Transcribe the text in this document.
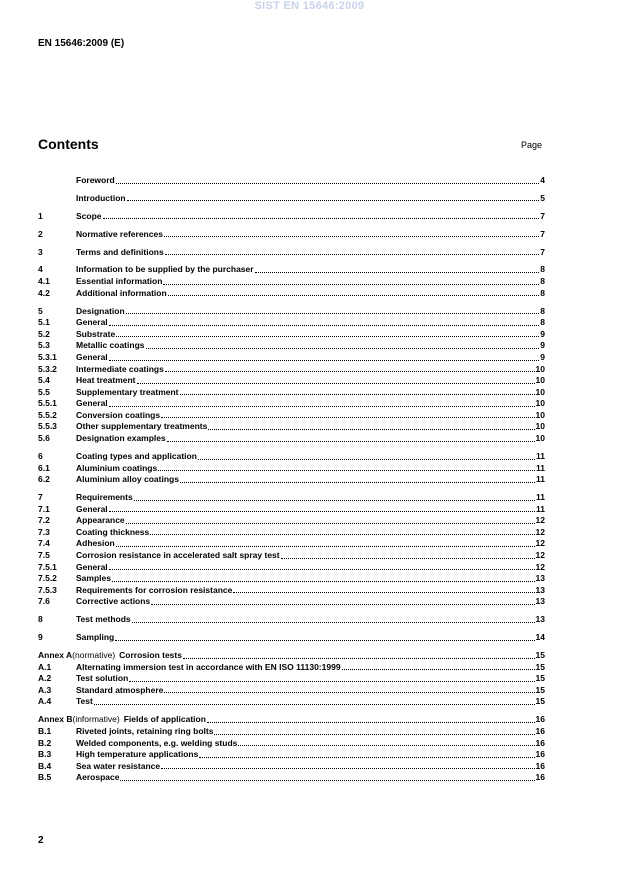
SIST EN 15646:2009
EN 15646:2009 (E)
Contents	Page
Foreword	4
Introduction	5
1	Scope	7
2	Normative references	7
3	Terms and definitions	7
4	Information to be supplied by the purchaser	8
4.1	Essential information	8
4.2	Additional information	8
5	Designation	8
5.1	General	8
5.2	Substrate	9
5.3	Metallic coatings	9
5.3.1	General	9
5.3.2	Intermediate coatings	10
5.4	Heat treatment	10
5.5	Supplementary treatment	10
5.5.1	General	10
5.5.2	Conversion coatings	10
5.5.3	Other supplementary treatments	10
5.6	Designation examples	10
6	Coating types and application	11
6.1	Aluminium coatings	11
6.2	Aluminium alloy coatings	11
7	Requirements	11
7.1	General	11
7.2	Appearance	12
7.3	Coating thickness	12
7.4	Adhesion	12
7.5	Corrosion resistance in accelerated salt spray test	12
7.5.1	General	12
7.5.2	Samples	13
7.5.3	Requirements for corrosion resistance	13
7.6	Corrective actions	13
8	Test methods	13
9	Sampling	14
Annex A (normative) Corrosion tests	15
A.1	Alternating immersion test in accordance with EN ISO 11130:1999	15
A.2	Test solution	15
A.3	Standard atmosphere	15
A.4	Test	15
Annex B (informative) Fields of application	16
B.1	Riveted joints, retaining ring bolts	16
B.2	Welded components, e.g. welding studs	16
B.3	High temperature applications	16
B.4	Sea water resistance	16
B.5	Aerospace	16
2
